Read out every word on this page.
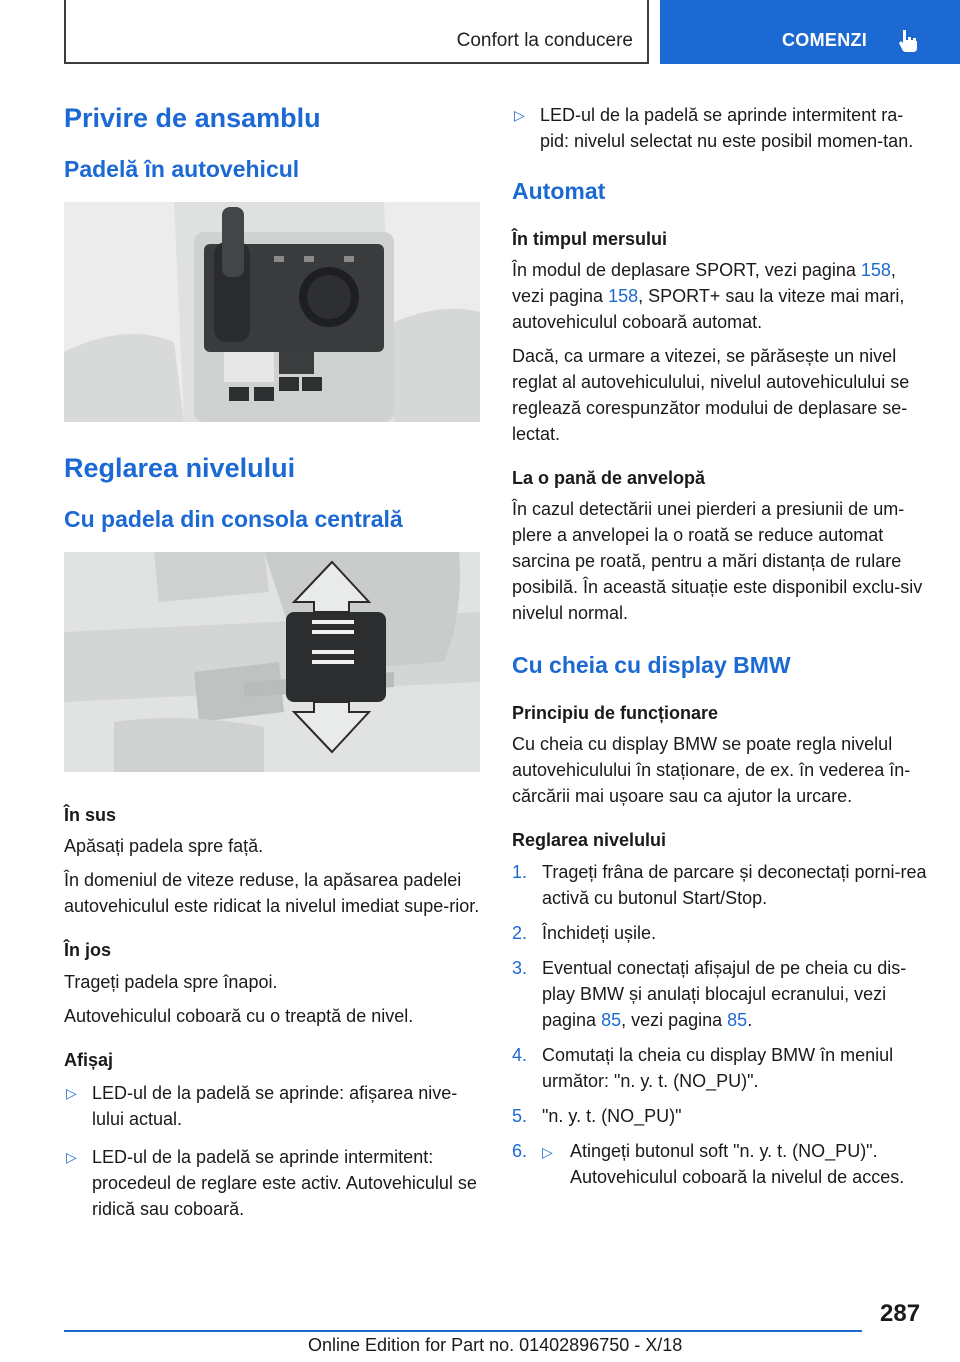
Confort la conducere	COMENZI
Privire de ansamblu
Padelă în autovehicul
Reglarea nivelului
Cu padela din consola centrală
În sus

Apăsați padela spre față.

În domeniul de viteze reduse, la apăsarea padelei autovehiculul este ridicat la nivelul imediat supe-rior.

În jos

Trageți padela spre înapoi.

Autovehiculul coboară cu o treaptă de nivel.

Afișaj
▷ LED-ul de la padelă se aprinde: afișarea nive-lului actual.
▷ LED-ul de la padelă se aprinde intermitent: procedeul de reglare este activ. Autovehiculul se ridică sau coboară.
▷ LED-ul de la padelă se aprinde intermitent ra-pid: nivelul selectat nu este posibil momen-tan.
Automat
În timpul mersului

În modul de deplasare SPORT, vezi pagina 158, vezi pagina 158, SPORT+ sau la viteze mai mari, autovehiculul coboară automat.

Dacă, ca urmare a vitezei, se părăsește un nivel reglat al autovehiculului, nivelul autovehiculului se reglează corespunzător modului de deplasare se-lectat.

La o pană de anvelopă

În cazul detectării unei pierderi a presiunii de um-plere a anvelopei la o roată se reduce automat sarcina pe roată, pentru a mări distanța de rulare posibilă. În această situație este disponibil exclu-siv nivelul normal.

Cu cheia cu display BMW
Principiu de funcționare

Cu cheia cu display BMW se poate regla nivelul autovehiculului în staționare, de ex. în vederea în-cărcării mai ușoare sau ca ajutor la urcare.

Reglarea nivelului
1. Trageți frâna de parcare și deconectați porni-rea activă cu butonul Start/Stop.
2. Închideți ușile.
3. Eventual conectați afișajul de pe cheia cu dis-play BMW și anulați blocajul ecranului, vezi pagina 85, vezi pagina 85.
4. Comutați la cheia cu display BMW în meniul următor: "n. y. t. (NO_PU)".
5. "n. y. t. (NO_PU)"
6. ▷ Atingeți butonul soft "n. y. t. (NO_PU)". Autovehiculul coboară la nivelul de acces.
287
Online Edition for Part no. 01402896750 - X/18
